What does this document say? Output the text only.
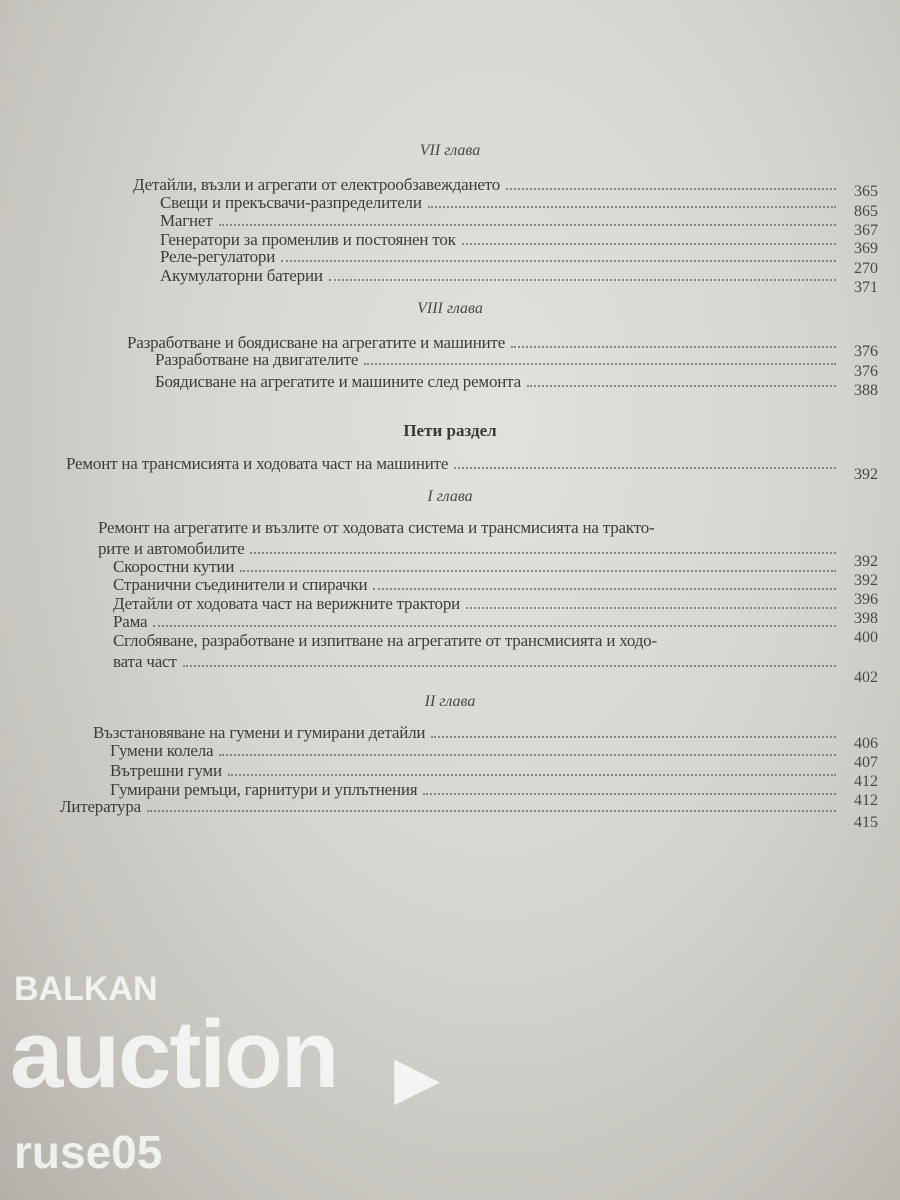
VII глава
Детайли, възли и агрегати от електрообзавеждането
Свещи и прекъсвачи-разпределители
Магнет
Генератори за променлив и постоянен ток
Реле-регулатори
Акумулаторни батерии
VIII глава
Разработване и боядисване на агрегатите и машините
Разработване на двигателите
Боядисване на агрегатите и машините след ремонта
Пети раздел
Ремонт на трансмисията и ходовата част на машините
I глава
Ремонт на агрегатите и възлите от ходовата система и трансмисията на тракто-
рите и автомобилите
Скоростни кутии
Странични съединители и спирачки
Детайли от ходовата част на верижните трактори
Рама
Сглобяване, разработване и изпитване на агрегатите от трансмисията и ходо-
вата част
II глава
Възстановяване на гумени и гумирани детайли
Гумени колела
Вътрешни гуми
Гумирани ремъци, гарнитури и уплътнения
Литература
365
865
367
369
270
371
376
376
388
392
392
392
396
398
400
402
406
407
412
412
415
BALKAN
auction ▶
ruse05
